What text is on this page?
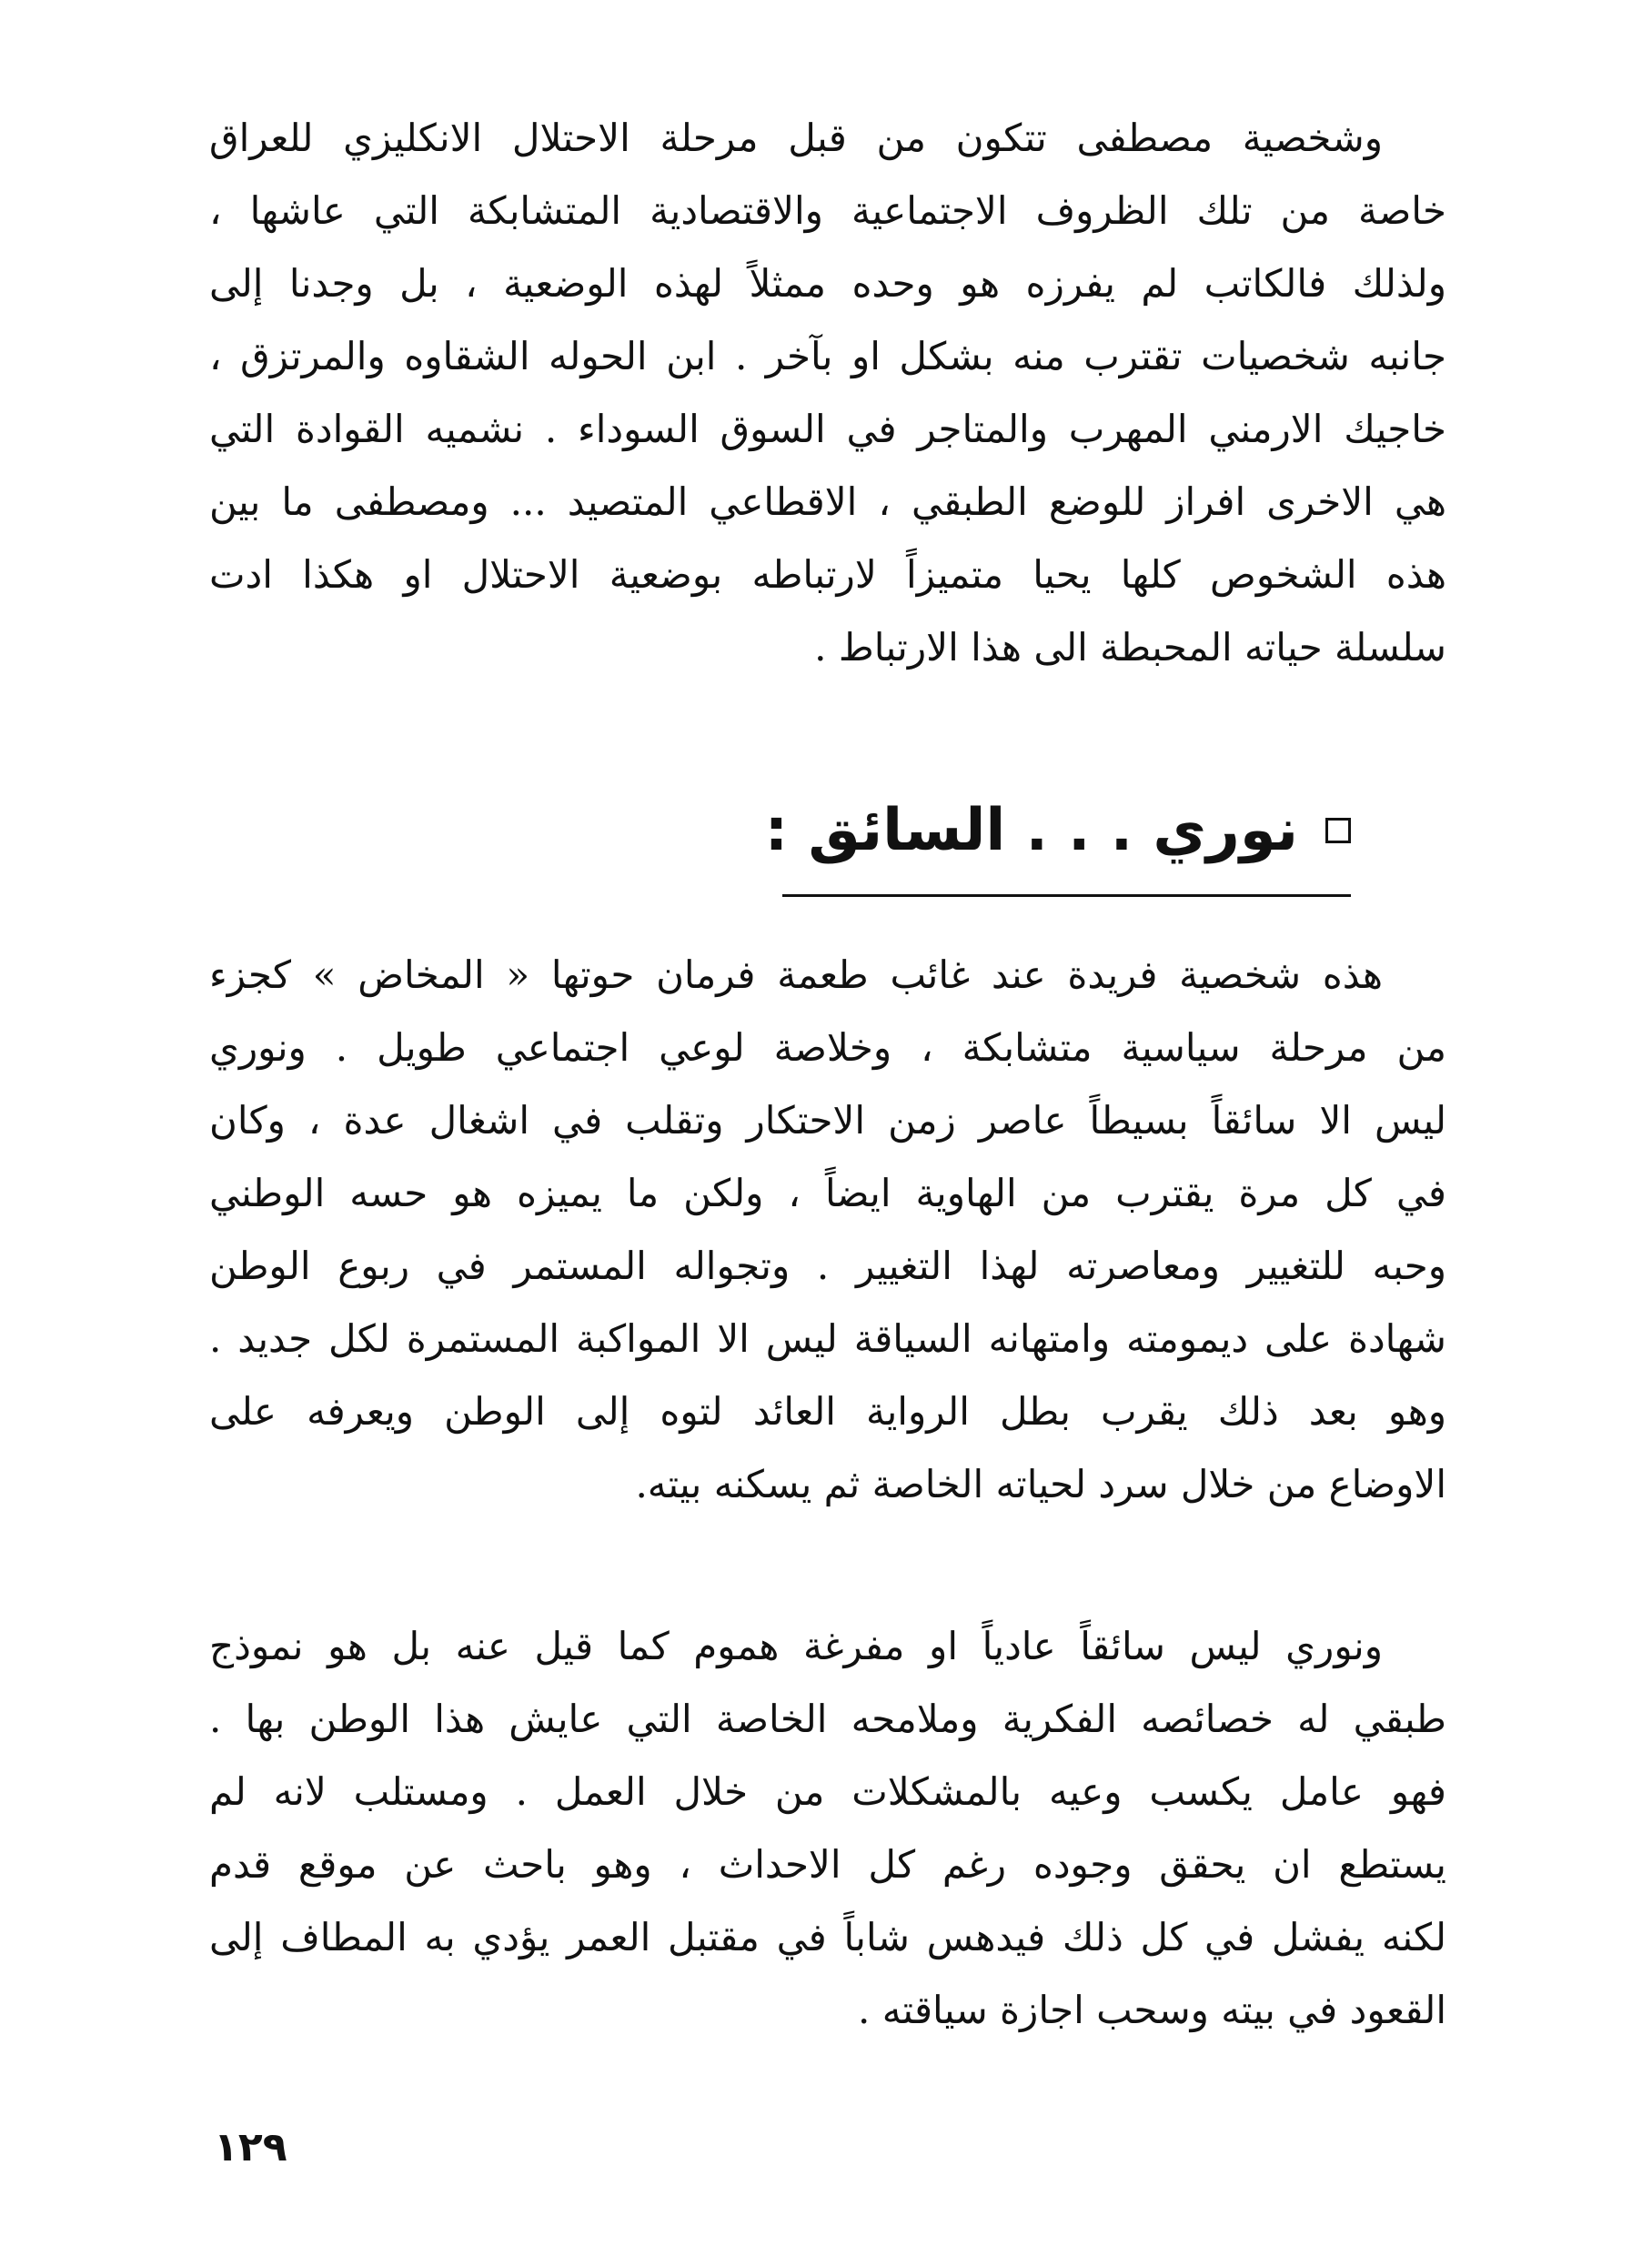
وشخصية مصطفى تتكون من قبل مرحلة الاحتلال الانكليزي للعراق
خاصة من تلك الظروف الاجتماعية والاقتصادية المتشابكة التي عاشها ،
ولذلك فالكاتب لم يفرزه هو وحده ممثلاً لهذه الوضعية ، بل وجدنا إلى
جانبه شخصيات تقترب منه بشكل او بآخر . ابن الحوله الشقاوه والمرتزق ،
خاجيك الارمني المهرب والمتاجر في السوق السوداء . نشميه القوادة التي
هي الاخرى افراز للوضع الطبقي ، الاقطاعي المتصيد ... ومصطفى ما بين
هذه الشخوص كلها يحيا متميزاً لارتباطه بوضعية الاحتلال او هكذا ادت
سلسلة حياته المحبطة الى هذا الارتباط .
نوري . . . السائق :
هذه شخصية فريدة عند غائب طعمة فرمان حوتها « المخاض » كجزء
من مرحلة سياسية متشابكة ، وخلاصة لوعي اجتماعي طويل . ونوري
ليس الا سائقاً بسيطاً عاصر زمن الاحتكار وتقلب في اشغال عدة ، وكان
في كل مرة يقترب من الهاوية ايضاً ، ولكن ما يميزه هو حسه الوطني
وحبه للتغيير ومعاصرته لهذا التغيير . وتجواله المستمر في ربوع الوطن
شهادة على ديمومته وامتهانه السياقة ليس الا المواكبة المستمرة لكل جديد .
وهو بعد ذلك يقرب بطل الرواية العائد لتوه إلى الوطن ويعرفه على
الاوضاع من خلال سرد لحياته الخاصة ثم يسكنه بيته.
ونوري ليس سائقاً عادياً او مفرغة هموم كما قيل عنه بل هو نموذج
طبقي له خصائصه الفكرية وملامحه الخاصة التي عايش هذا الوطن بها .
فهو عامل يكسب وعيه بالمشكلات من خلال العمل . ومستلب لانه لم
يستطع ان يحقق وجوده رغم كل الاحداث ، وهو باحث عن موقع قدم
لكنه يفشل في كل ذلك فيدهس شاباً في مقتبل العمر يؤدي به المطاف إلى
القعود في بيته وسحب اجازة سياقته .
١٢٩
